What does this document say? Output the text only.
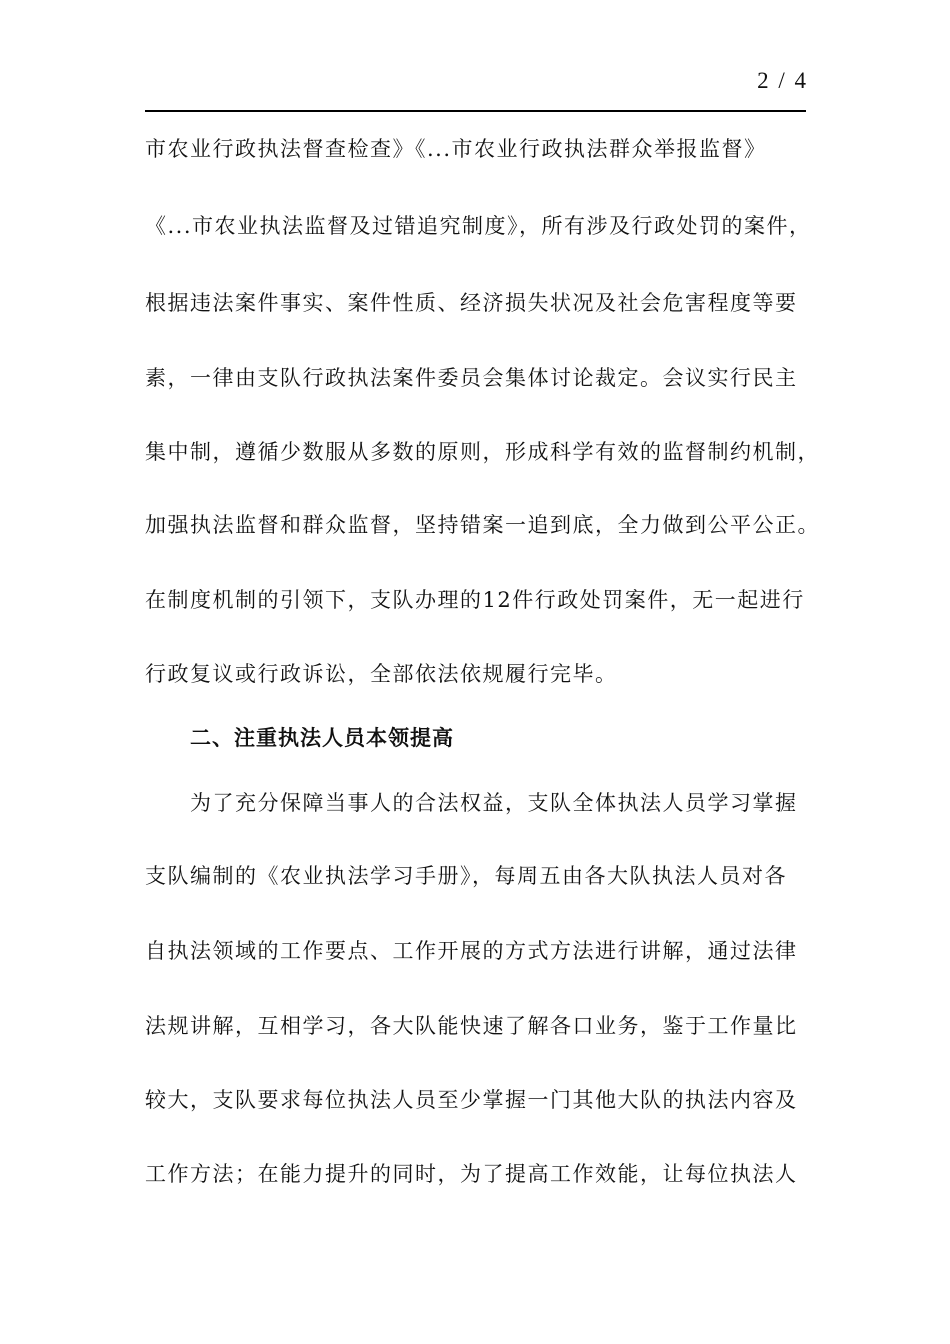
2 / 4
市农业行政执法督查检查》《...市农业行政执法群众举报监督》
《...市农业执法监督及过错追究制度》，所有涉及行政处罚的案件，
根据违法案件事实、案件性质、经济损失状况及社会危害程度等要
素，一律由支队行政执法案件委员会集体讨论裁定。会议实行民主
集中制，遵循少数服从多数的原则，形成科学有效的监督制约机制，
加强执法监督和群众监督，坚持错案一追到底，全力做到公平公正。
在制度机制的引领下，支队办理的12件行政处罚案件，无一起进行
行政复议或行政诉讼，全部依法依规履行完毕。
二、注重执法人员本领提高
为了充分保障当事人的合法权益，支队全体执法人员学习掌握
支队编制的《农业执法学习手册》，每周五由各大队执法人员对各
自执法领域的工作要点、工作开展的方式方法进行讲解，通过法律
法规讲解，互相学习，各大队能快速了解各口业务，鉴于工作量比
较大，支队要求每位执法人员至少掌握一门其他大队的执法内容及
工作方法；在能力提升的同时，为了提高工作效能，让每位执法人
